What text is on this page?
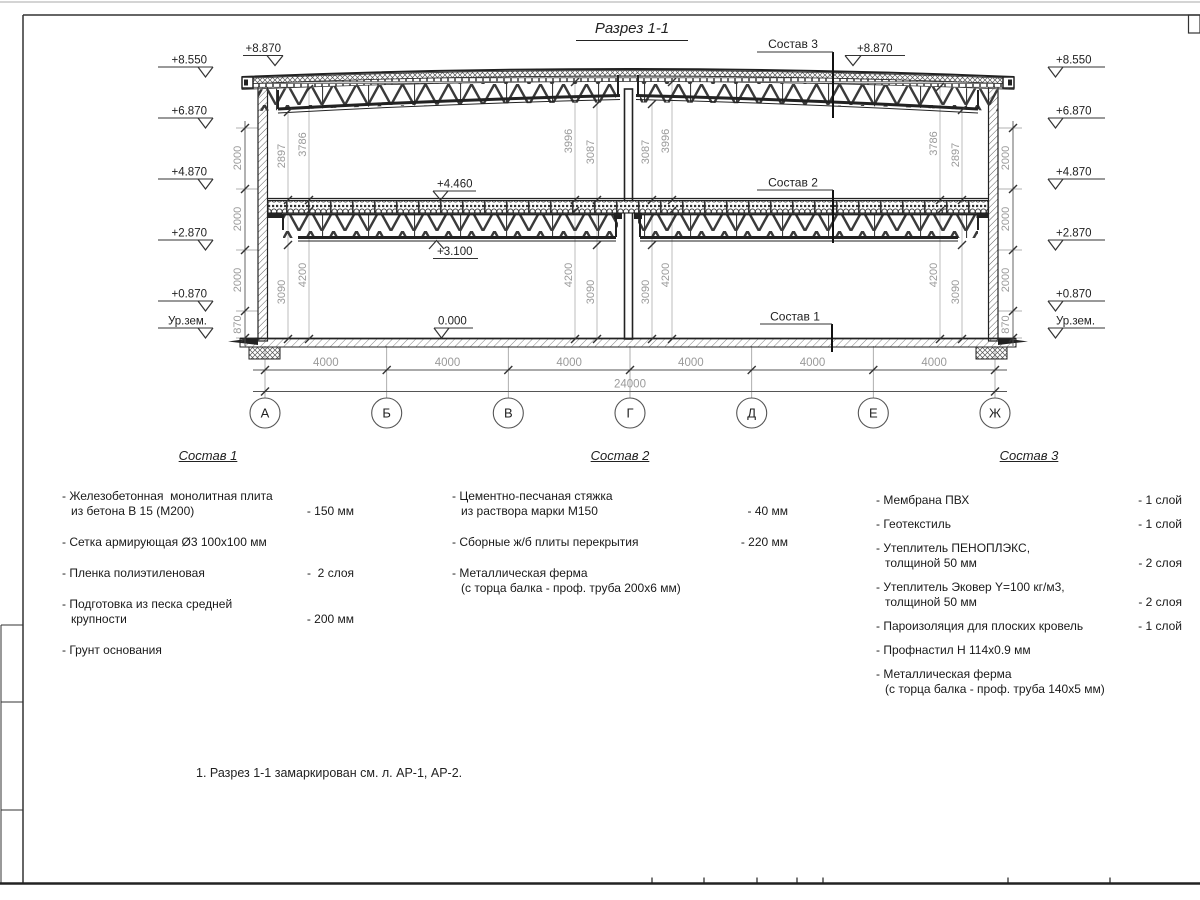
2897
3090
3786
4200
3996
4200
3087
3090
3087
3090
3996
4200
3786
4200
2897
3090
2000
2000
2000
870
2000
2000
2000
870
А	Б	В	Г	Д	Е	Ж
4000	4000	4000	4000	4000	4000
24000
+8.550	+8.550
+6.870	+6.870
+4.870	+4.870
+2.870	+2.870
+0.870	+0.870
Ур.зем.	Ур.зем.
+8.870	+8.870
+4.460
0.000
+3.100
Состав 3
Состав 2
Состав 1
Разрез 1-1
Состав 1
- Железобетонная  монолитная плита
из бетона В 15 (М200)	- 150 мм
- Сетка армирующая Ø3 100х100 мм
- Пленка полиэтиленовая	-  2 слоя
- Подготовка из песка средней
крупности	- 200 мм
- Грунт основания
Состав 2
- Цементно-песчаная стяжка
из раствора марки М150	- 40 мм
- Сборные ж/б плиты перекрытия	- 220 мм
- Металлическая ферма
(с торца балка - проф. труба 200х6 мм)
Состав 3
- Мембрана ПВХ	- 1 слой
- Геотекстиль	- 1 слой
- Утеплитель ПЕНОПЛЭКС,
толщиной 50 мм	- 2 слоя
- Утеплитель Эковер Y=100 кг/м3,
толщиной 50 мм	- 2 слоя
- Пароизоляция для плоских кровель	- 1 слой
- Профнастил Н 114х0.9 мм
- Металлическая ферма
(с торца балка - проф. труба 140х5 мм)
1. Разрез 1-1 замаркирован см. л. АР-1, АР-2.
